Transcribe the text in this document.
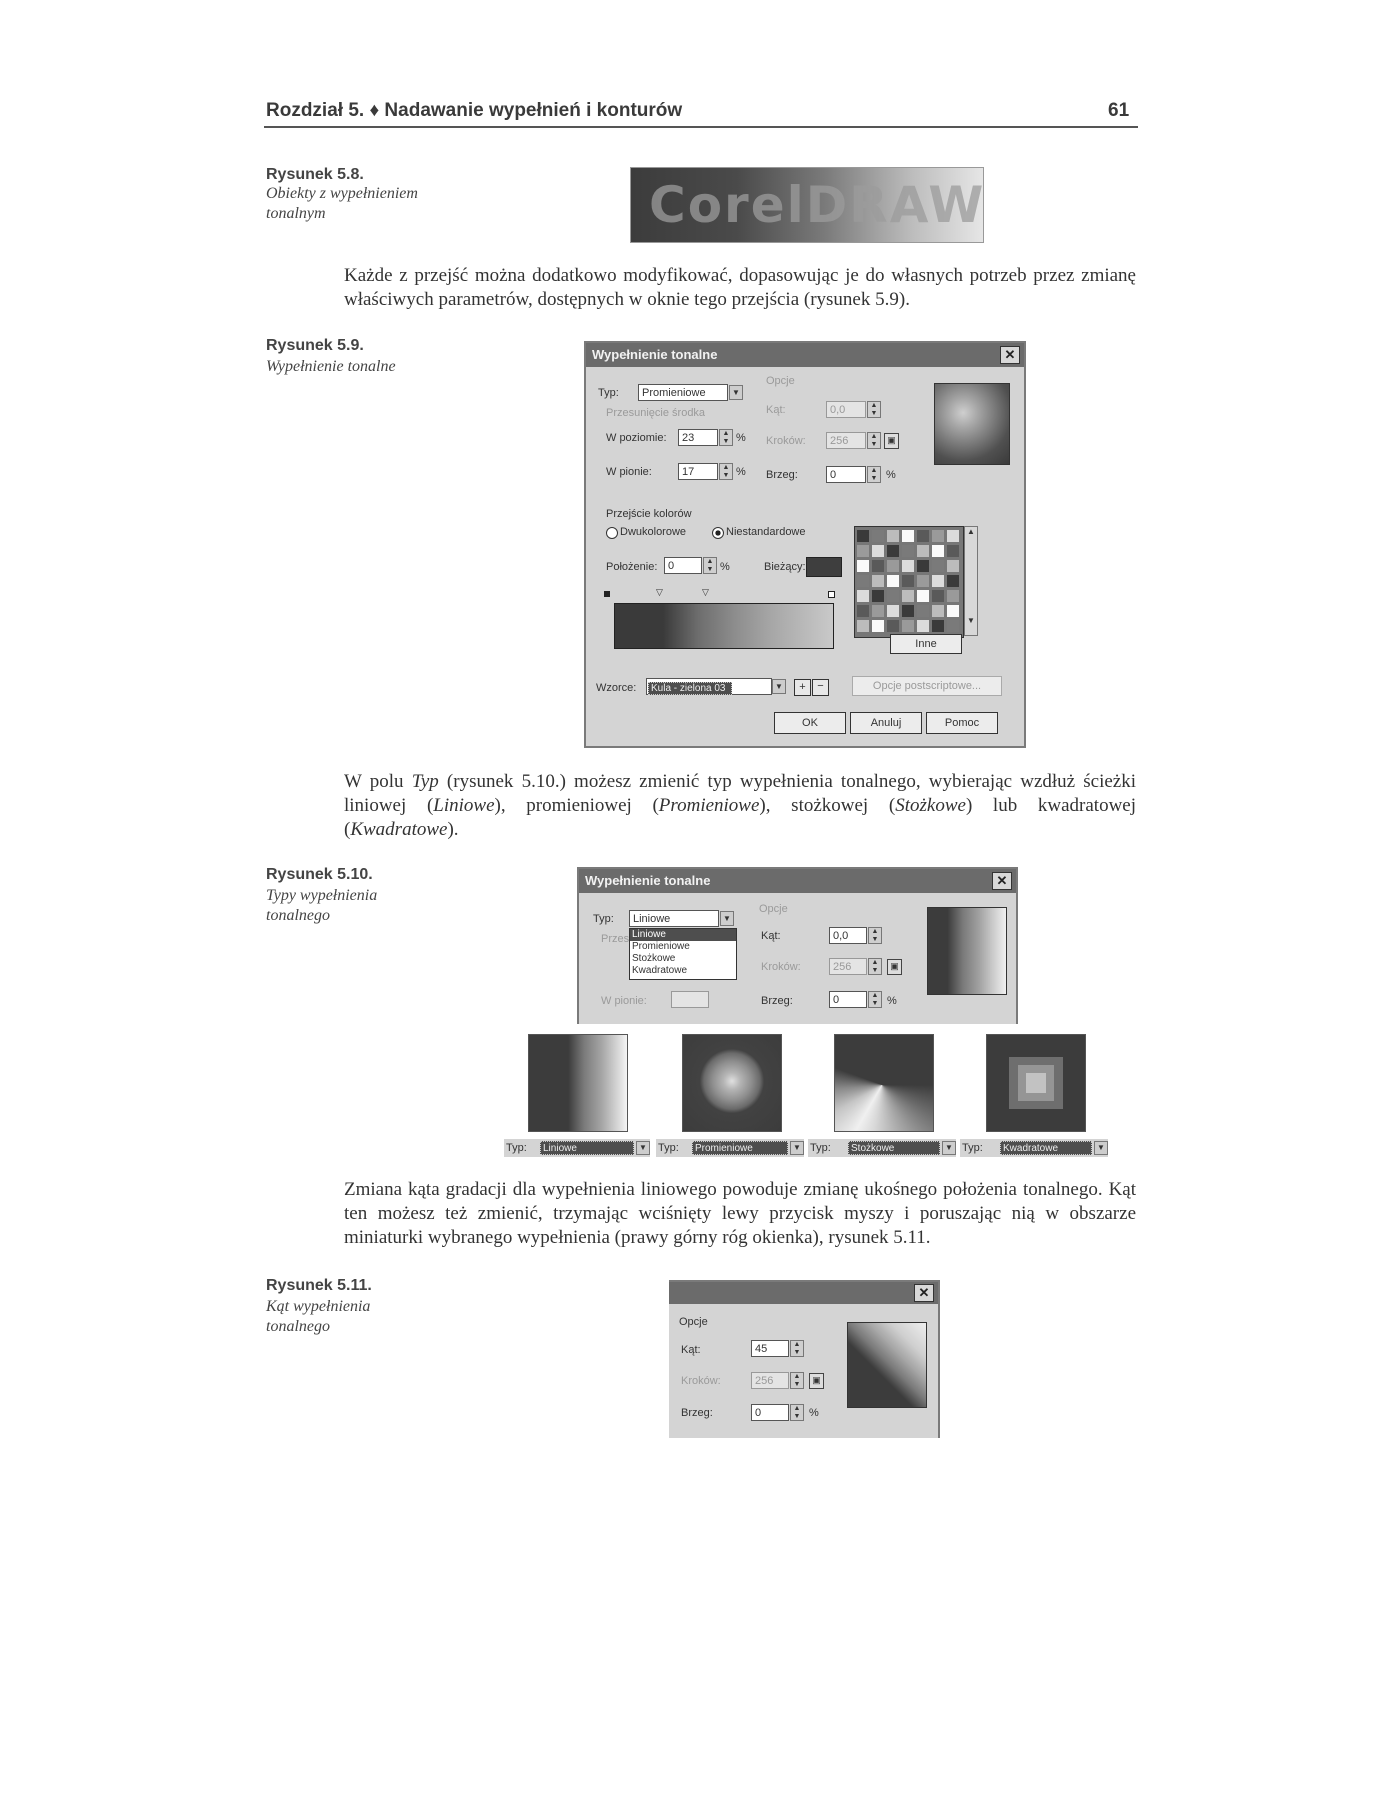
Rozdział 5. ♦ Nadawanie wypełnień i konturów	61
Rysunek 5.8.
Obiekty z wypełnieniem tonalnym	CorelDRAW
Każde z przejść można dodatkowo modyfikować, dopasowując je do własnych potrzeb przez zmianę właściwych parametrów, dostępnych w oknie tego przejścia (rysunek 5.9).
Rysunek 5.9.
Wypełnienie tonalne
Wypełnienie tonalne	✕
Typ:	Promieniowe	▼
Przesunięcie środka
W poziomie:	23	▲
▼ %
W pionie:	17	▲
▼ %
Opcje
Kąt:	0,0	▲
▼
Kroków:	256	▲
▼	▣
Brzeg:	0	▲
▼ %
Przejście kolorów
Dwukolorowe	Niestandardowe
Położenie: 0	▲
▼ %	Bieżący:
▽	▽
▲
▼
Inne
Wzorce:	Kula - zielona 03	▼	+	−	Opcje postscriptowe...
OK	Anuluj	Pomoc
W polu Typ (rysunek 5.10.) możesz zmienić typ wypełnienia tonalnego, wybierając wzdłuż ścieżki liniowej (Liniowe), promieniowej (Promieniowe), stożkowej (Stożkowe) lub kwadratowej (Kwadratowe).
Rysunek 5.10.
Typy wypełnienia tonalnego
Wypełnienie tonalne	✕
Typ:	Liniowe	▼
Przes Liniowe
Promieniowe
Stożkowe
Kwadratowe
W pionie:
Opcje
Kąt:	0,0	▲
▼
Kroków:	256	▲
▼	▣
Brzeg:	0	▲
▼ %
Typ:	Liniowe	▼ Typ:	Promieniowe	▼ Typ:	Stożkowe	▼ Typ:	Kwadratowe	▼
Zmiana kąta gradacji dla wypełnienia liniowego powoduje zmianę ukośnego położenia tonalnego. Kąt ten możesz też zmienić, trzymając wciśnięty lewy przycisk myszy i poruszając nią w obszarze miniaturki wybranego wypełnienia (prawy górny róg okienka), rysunek 5.11.
Rysunek 5.11.
Kąt wypełnienia tonalnego
✕
Opcje
Kąt:	45	▲
▼
Kroków:	256	▲
▼	▣
Brzeg:	0	▲
▼ %
